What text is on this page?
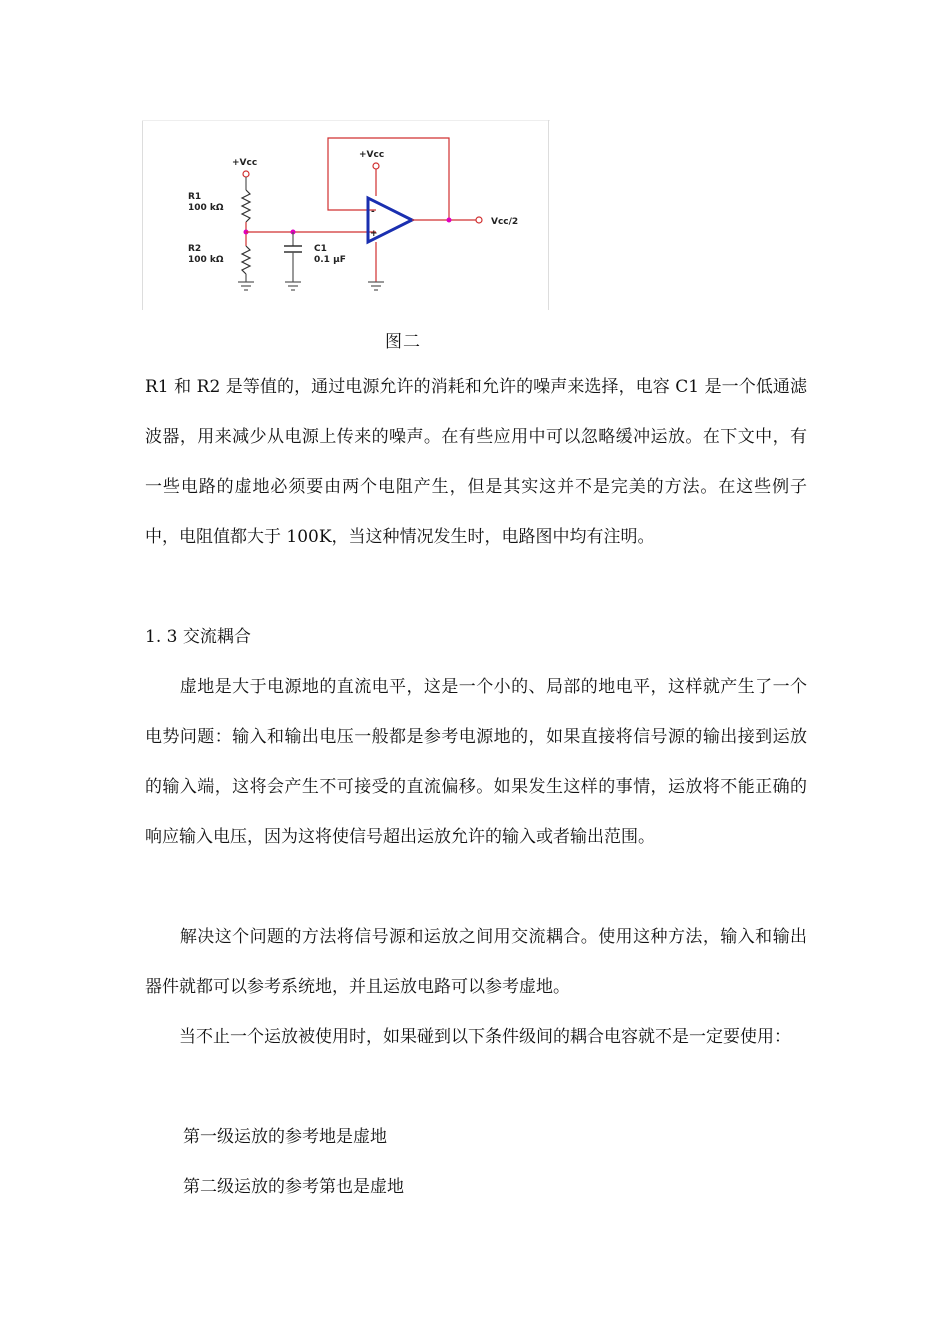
+Vcc
R1
100 kΩ
R2
100 kΩ
C1
0.1 µF
+Vcc
-
+
Vcc/2
图二

R1 和 R2 是等值的，通过电源允许的消耗和允许的噪声来选择，电容 C1 是一个低通滤波器，用来减少从电源上传来的噪声。在有些应用中可以忽略缓冲运放。在下文中，有一些电路的虚地必须要由两个电阻产生，但是其实这并不是完美的方法。在这些例子中，电阻值都大于 100K，当这种情况发生时，电路图中均有注明。

1. 3 交流耦合

　　虚地是大于电源地的直流电平，这是一个小的、局部的地电平，这样就产生了一个电势问题：输入和输出电压一般都是参考电源地的，如果直接将信号源的输出接到运放的输入端，这将会产生不可接受的直流偏移。如果发生这样的事情，运放将不能正确的响应输入电压，因为这将使信号超出运放允许的输入或者输出范围。

　　解决这个问题的方法将信号源和运放之间用交流耦合。使用这种方法，输入和输出器件就都可以参考系统地，并且运放电路可以参考虚地。

　　当不止一个运放被使用时，如果碰到以下条件级间的耦合电容就不是一定要使用：

第一级运放的参考地是虚地

第二级运放的参考第也是虚地
